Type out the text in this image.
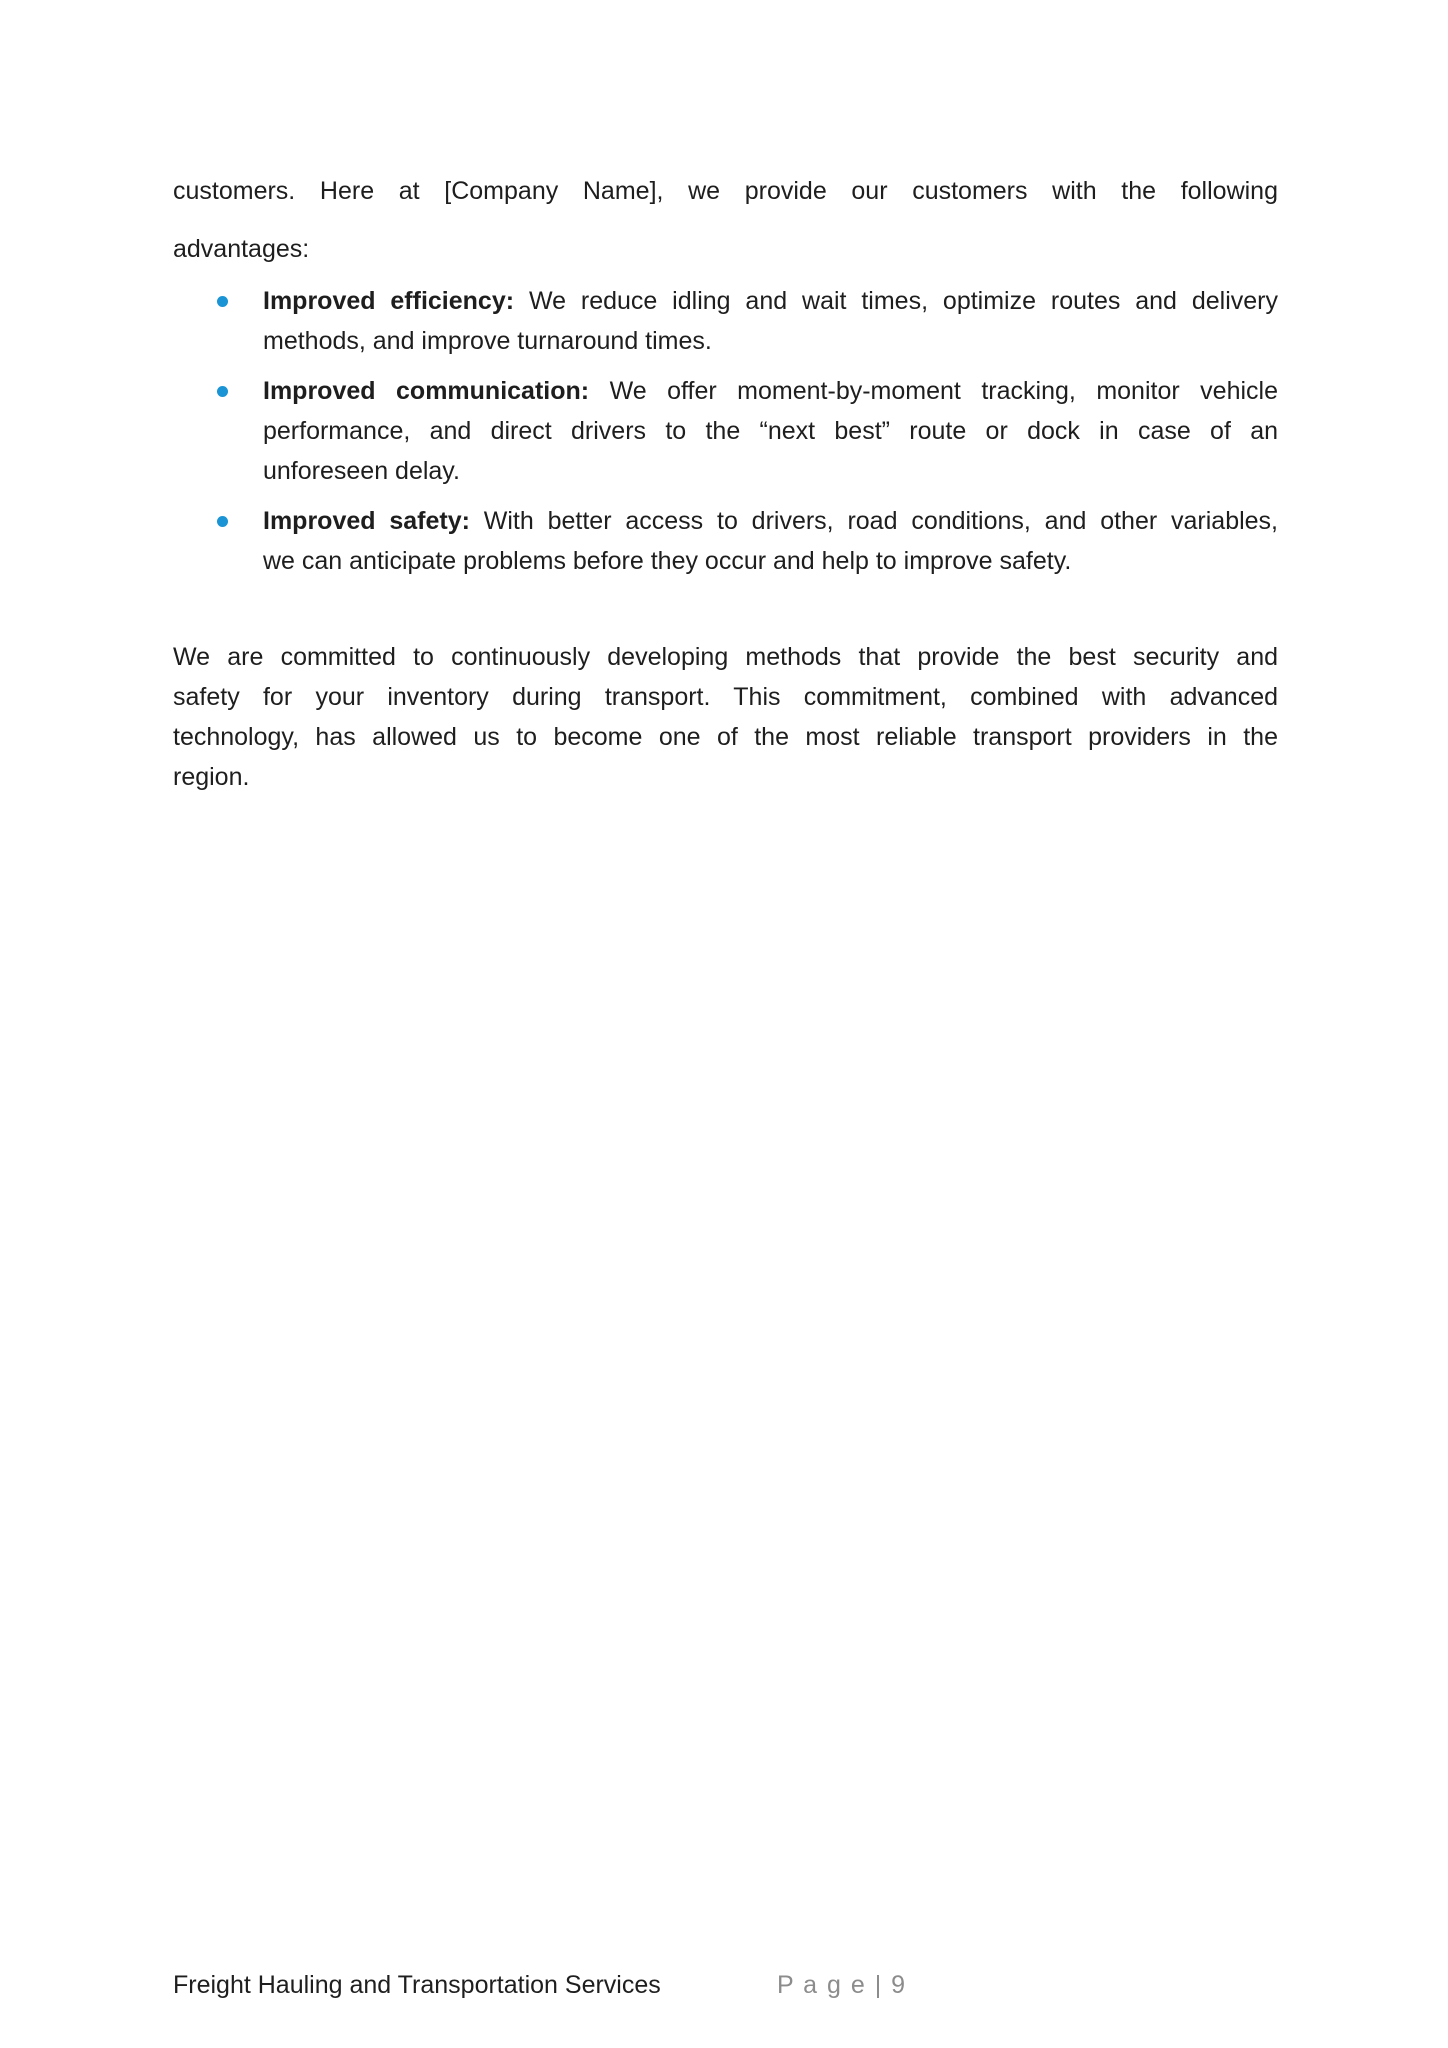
customers. Here at [Company Name], we provide our customers with the following
advantages:
Improved efficiency: We reduce idling and wait times, optimize routes and delivery
methods, and improve turnaround times.
Improved communication: We offer moment-by-moment tracking, monitor vehicle
performance, and direct drivers to the “next best” route or dock in case of an
unforeseen delay.
Improved safety: With better access to drivers, road conditions, and other variables,
we can anticipate problems before they occur and help to improve safety.
We are committed to continuously developing methods that provide the best security and
safety for your inventory during transport. This commitment, combined with advanced
technology, has allowed us to become one of the most reliable transport providers in the
region.
Freight Hauling and Transportation Services	P a g e | 9
